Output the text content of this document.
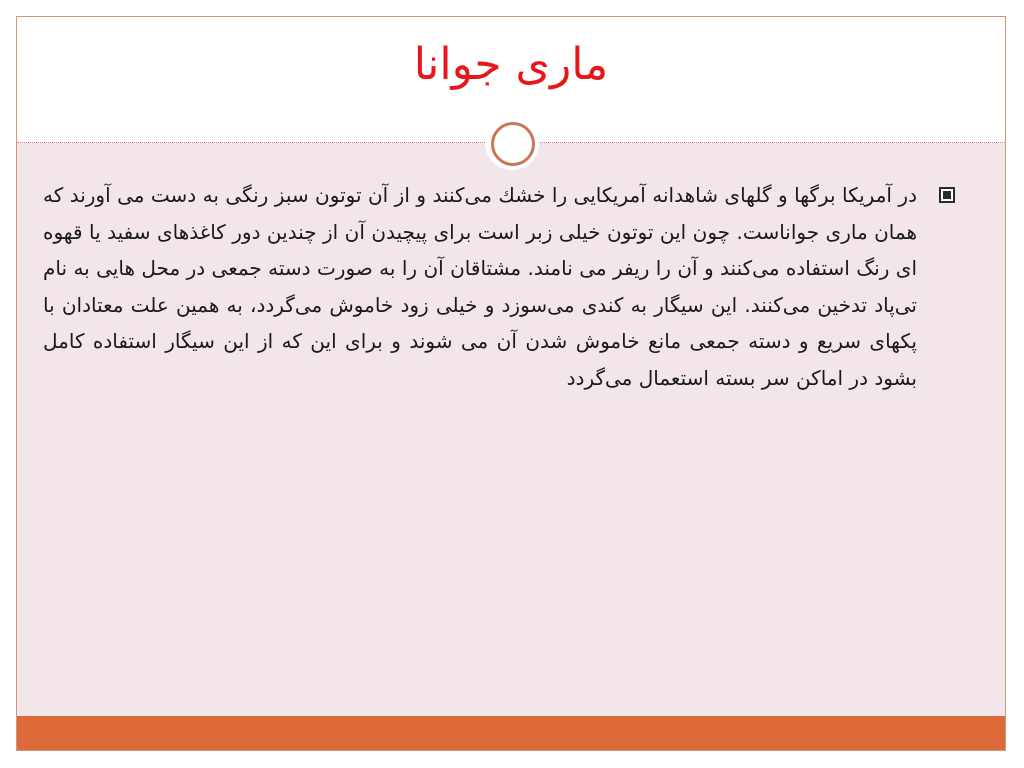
ماری جوانا
در آمریکا برگها و گلهای شاهدانه آمریکایی را خشك می‌کنند و از آن توتون سبز رنگی به دست می آورند که همان ماری جواناست. چون این توتون خیلی زبر است برای پیچیدن آن از چندین دور کاغذهای سفید یا قهوه ای رنگ استفاده می‌کنند و آن را ریفر می نامند. مشتاقان آن را به صورت دسته جمعی در محل هایی به نام تی‌پاد تدخین می‌کنند. این سیگار به کندی می‌سوزد و خیلی زود خاموش می‌گردد، به همین علت معتادان با پکهای سریع و دسته جمعی مانع خاموش شدن آن می شوند و برای این که از این سیگار استفاده کامل بشود در اماکن سر بسته استعمال می‌گردد
